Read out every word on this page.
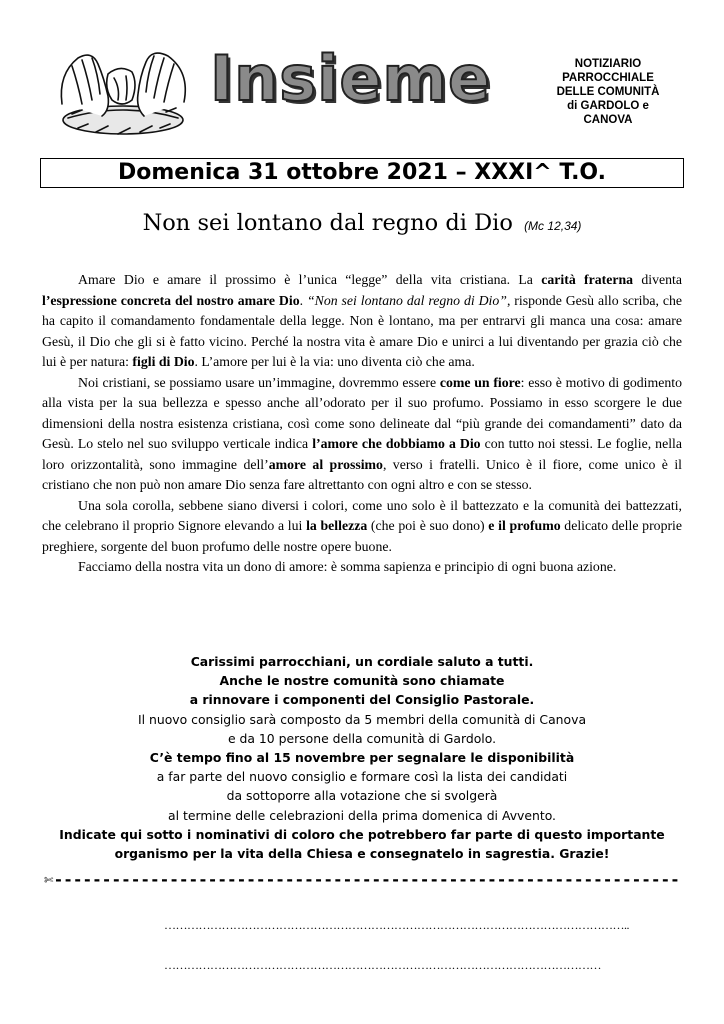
Insieme	NOTIZIARIO
PARROCCHIALE
DELLE COMUNITÀ
di GARDOLO e
CANOVA
Domenica 31 ottobre 2021 – XXXI^ T.O.
Non sei lontano dal regno di Dio (Mc 12,34)

Amare Dio e amare il prossimo è l’unica “legge” della vita cristiana. La carità fraterna diventa l’espressione concreta del nostro amare Dio. “Non sei lontano dal regno di Dio”, risponde Gesù allo scriba, che ha capito il comandamento fondamentale della legge. Non è lontano, ma per entrarvi gli manca una cosa: amare Gesù, il Dio che gli si è fatto vicino. Perché la nostra vita è amare Dio e unirci a lui diventando per grazia ciò che lui è per natura: figli di Dio. L’amore per lui è la via: uno diventa ciò che ama.

Noi cristiani, se possiamo usare un’immagine, dovremmo essere come un fiore: esso è motivo di godimento alla vista per la sua bellezza e spesso anche all’odorato per il suo profumo. Possiamo in esso scorgere le due dimensioni della nostra esistenza cristiana, così come sono delineate dal “più grande dei comandamenti” dato da Gesù. Lo stelo nel suo sviluppo verticale indica l’amore che dobbiamo a Dio con tutto noi stessi. Le foglie, nella loro orizzontalità, sono immagine dell’amore al prossimo, verso i fratelli. Unico è il fiore, come unico è il cristiano che non può non amare Dio senza fare altrettanto con ogni altro e con se stesso.

Una sola corolla, sebbene siano diversi i colori, come uno solo è il battezzato e la comunità dei battezzati, che celebrano il proprio Signore elevando a lui la bellezza (che poi è suo dono) e il profumo delicato delle proprie preghiere, sorgente del buon profumo delle nostre opere buone.

Facciamo della nostra vita un dono di amore: è somma sapienza e principio di ogni buona azione.

Carissimi parrocchiani, un cordiale saluto a tutti.
Anche le nostre comunità sono chiamate
a rinnovare i componenti del Consiglio Pastorale.
Il nuovo consiglio sarà composto da 5 membri della comunità di Canova
e da 10 persone della comunità di Gardolo.
C’è tempo fino al 15 novembre per segnalare le disponibilità
a far parte del nuovo consiglio e formare così la lista dei candidati
da sottoporre alla votazione che si svolgerà
al termine delle celebrazioni della prima domenica di Avvento.
Indicate qui sotto i nominativi di coloro che potrebbero far parte di questo importante
organismo per la vita della Chiesa e consegnatelo in sagrestia. Grazie!
✄-----------------------------------------------------------------
…………………………………………………………………………………………………………..
……………………………………………………………………………………………………
